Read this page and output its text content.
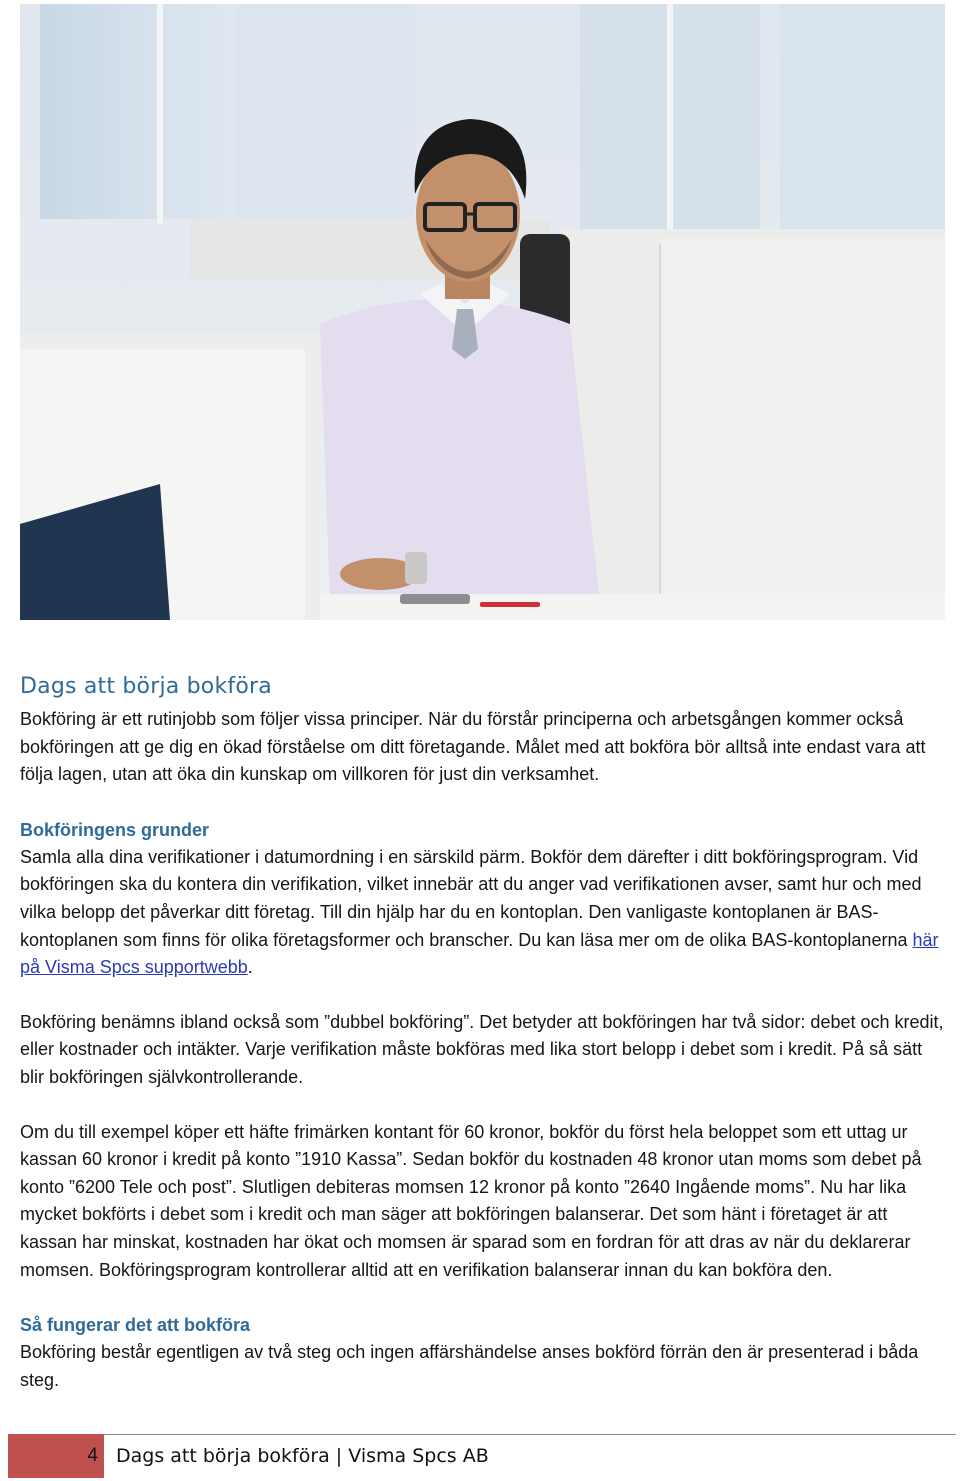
Dags att börja bokföra

Bokföring är ett rutinjobb som följer vissa principer. När du förstår principerna och arbetsgången kommer också bokföringen att ge dig en ökad förståelse om ditt företagande. Målet med att bokföra bör alltså inte endast vara att följa lagen, utan att öka din kunskap om villkoren för just din verksamhet.

Bokföringens grunder

Samla alla dina verifikationer i datumordning i en särskild pärm. Bokför dem därefter i ditt bokföringsprogram. Vid bokföringen ska du kontera din verifikation, vilket innebär att du anger vad verifikationen avser, samt hur och med vilka belopp det påverkar ditt företag. Till din hjälp har du en kontoplan. Den vanligaste kontoplanen är BAS-kontoplanen som finns för olika företagsformer och branscher. Du kan läsa mer om de olika BAS-kontoplanerna här på Visma Spcs supportwebb.

Bokföring benämns ibland också som ”dubbel bokföring”. Det betyder att bokföringen har två sidor: debet och kredit, eller kostnader och intäkter. Varje verifikation måste bokföras med lika stort belopp i debet som i kredit. På så sätt blir bokföringen självkontrollerande.

Om du till exempel köper ett häfte frimärken kontant för 60 kronor, bokför du först hela beloppet som ett uttag ur kassan 60 kronor i kredit på konto ”1910 Kassa”. Sedan bokför du kostnaden 48 kronor utan moms som debet på konto ”6200 Tele och post”. Slutligen debiteras momsen 12 kronor på konto ”2640 Ingående moms”. Nu har lika mycket bokförts i debet som i kredit och man säger att bokföringen balanserar. Det som hänt i företaget är att kassan har minskat, kostnaden har ökat och momsen är sparad som en fordran för att dras av när du deklarerar momsen. Bokföringsprogram kontrollerar alltid att en verifikation balanserar innan du kan bokföra den.

Så fungerar det att bokföra

Bokföring består egentligen av två steg och ingen affärshändelse anses bokförd förrän den är presenterad i båda steg.

4 Dags att börja bokföra | Visma Spcs AB
